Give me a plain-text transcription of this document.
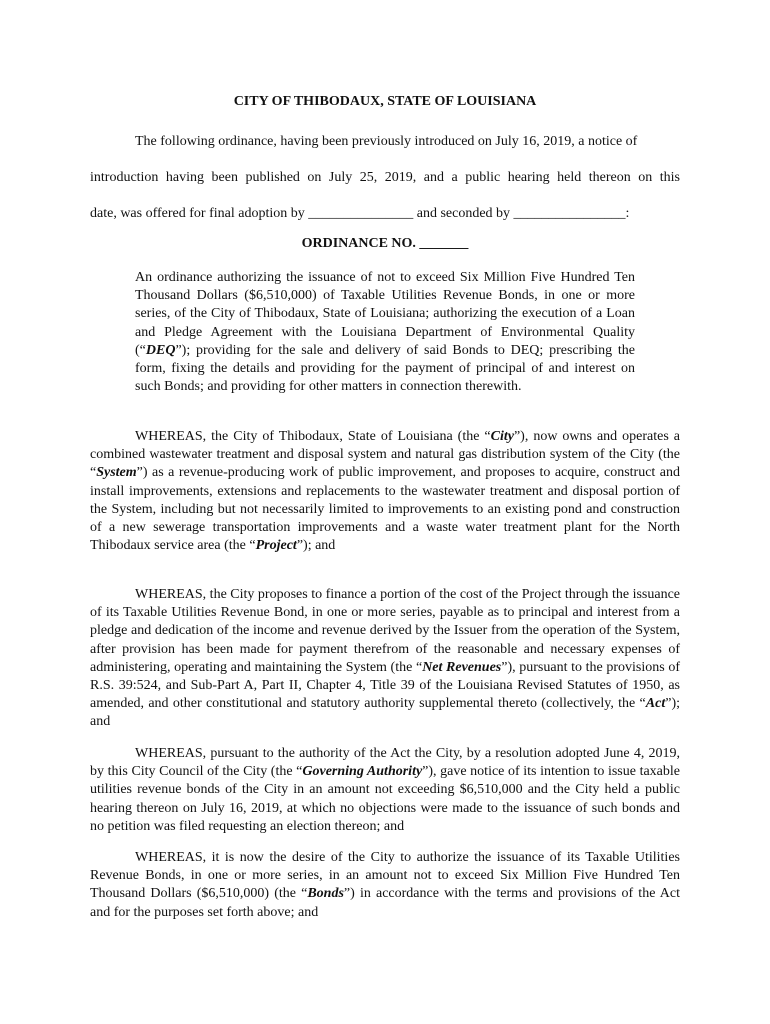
CITY OF THIBODAUX, STATE OF LOUISIANA
The following ordinance, having been previously introduced on July 16, 2019, a notice of
introduction having been published on July 25, 2019, and a public hearing held thereon on this
date, was offered for final adoption by _______________ and seconded by ________________:
ORDINANCE NO. _______

An ordinance authorizing the issuance of not to exceed Six Million Five Hundred Ten Thousand Dollars ($6,510,000) of Taxable Utilities Revenue Bonds, in one or more series, of the City of Thibodaux, State of Louisiana; authorizing the execution of a Loan and Pledge Agreement with the Louisiana Department of Environmental Quality (“DEQ”); providing for the sale and delivery of said Bonds to DEQ; prescribing the form, fixing the details and providing for the payment of principal of and interest on such Bonds; and providing for other matters in connection therewith.

WHEREAS, the City of Thibodaux, State of Louisiana (the “City”), now owns and operates a combined wastewater treatment and disposal system and natural gas distribution system of the City (the “System”) as a revenue-producing work of public improvement, and proposes to acquire, construct and install improvements, extensions and replacements to the wastewater treatment and disposal portion of the System, including but not necessarily limited to improvements to an existing pond and construction of a new sewerage transportation improvements and a waste water treatment plant for the North Thibodaux service area (the “Project”); and

WHEREAS, the City proposes to finance a portion of the cost of the Project through the issuance of its Taxable Utilities Revenue Bond, in one or more series, payable as to principal and interest from a pledge and dedication of the income and revenue derived by the Issuer from the operation of the System, after provision has been made for payment therefrom of the reasonable and necessary expenses of administering, operating and maintaining the System (the “Net Revenues”), pursuant to the provisions of R.S. 39:524, and Sub-Part A, Part II, Chapter 4, Title 39 of the Louisiana Revised Statutes of 1950, as amended, and other constitutional and statutory authority supplemental thereto (collectively, the “Act”); and

WHEREAS, pursuant to the authority of the Act the City, by a resolution adopted June 4, 2019, by this City Council of the City (the “Governing Authority”), gave notice of its intention to issue taxable utilities revenue bonds of the City in an amount not exceeding $6,510,000 and the City held a public hearing thereon on July 16, 2019, at which no objections were made to the issuance of such bonds and no petition was filed requesting an election thereon; and

WHEREAS, it is now the desire of the City to authorize the issuance of its Taxable Utilities Revenue Bonds, in one or more series, in an amount not to exceed Six Million Five Hundred Ten Thousand Dollars ($6,510,000) (the “Bonds”) in accordance with the terms and provisions of the Act and for the purposes set forth above; and
